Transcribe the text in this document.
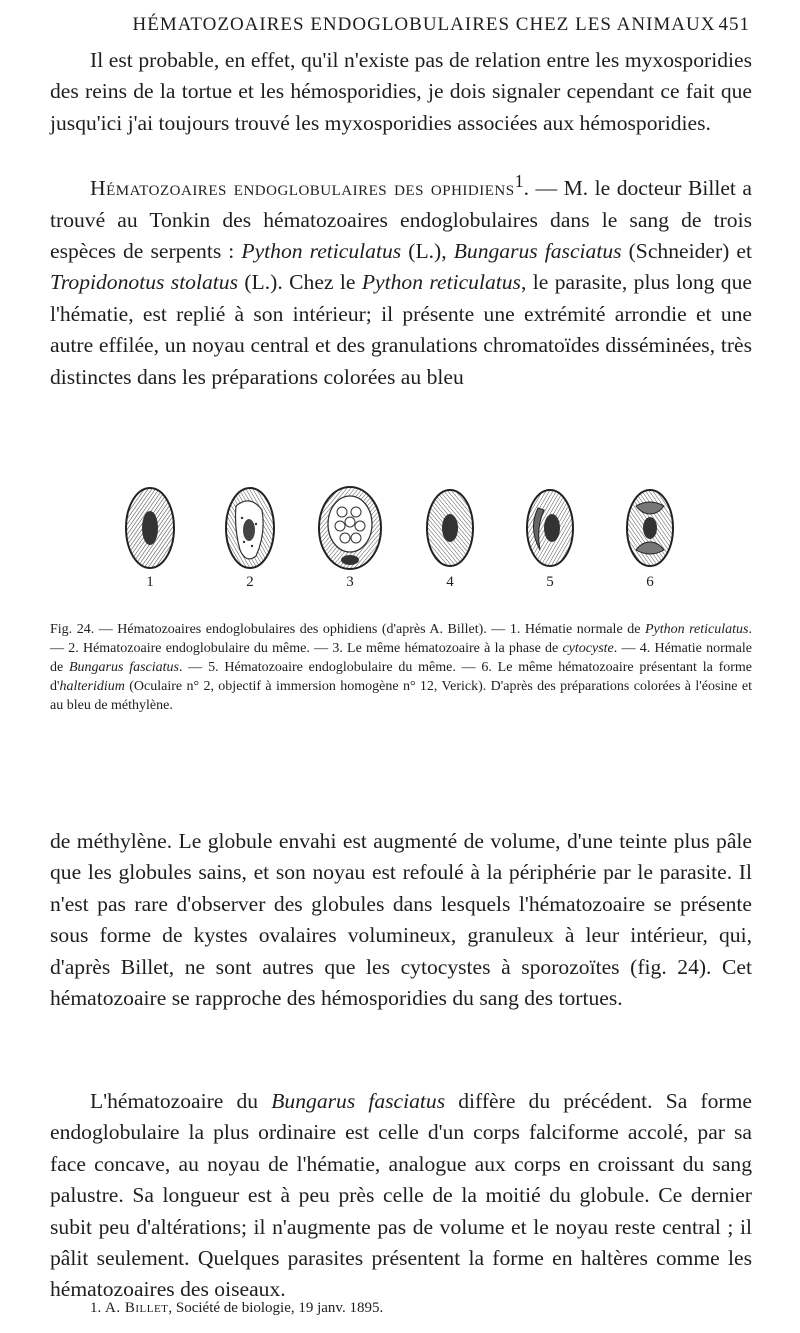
HÉMATOZOAIRES ENDOGLOBULAIRES CHEZ LES ANIMAUX 451

Il est probable, en effet, qu'il n'existe pas de relation entre les myxosporidies des reins de la tortue et les hémosporidies, je dois signaler cependant ce fait que jusqu'ici j'ai toujours trouvé les myxosporidies associées aux hémosporidies.

Hématozoaires endoglobulaires des ophidiens$^1$. — M. le docteur Billet a trouvé au Tonkin des hématozoaires endoglobulaires dans le sang de trois espèces de serpents : Python reticulatus (L.), Bungarus fasciatus (Schneider) et Tropidonotus stolatus (L.). Chez le Python reticulatus, le parasite, plus long que l'hématie, est replié à son intérieur; il présente une extrémité arrondie et une autre effilée, un noyau central et des granulations chromatoïdes disséminées, très distinctes dans les préparations colorées au bleu

1	2	3	4	5	6

Fig. 24. — Hématozoaires endoglobulaires des ophidiens (d'après A. Billet). — 1. Hématie normale de Python reticulatus. — 2. Hématozoaire endoglobulaire du même. — 3. Le même hématozoaire à la phase de cytocyste. — 4. Hématie normale de Bungarus fasciatus. — 5. Hématozoaire endoglobulaire du même. — 6. Le même hématozoaire présentant la forme d'halteridium (Oculaire n° 2, objectif à immersion homogène n° 12, Verick). D'après des préparations colorées à l'éosine et au bleu de méthylène.

de méthylène. Le globule envahi est augmenté de volume, d'une teinte plus pâle que les globules sains, et son noyau est refoulé à la périphérie par le parasite. Il n'est pas rare d'observer des globules dans lesquels l'hématozoaire se présente sous forme de kystes ovalaires volumineux, granuleux à leur intérieur, qui, d'après Billet, ne sont autres que les cytocystes à sporozoïtes (fig. 24). Cet hématozoaire se rapproche des hémosporidies du sang des tortues.

L'hématozoaire du Bungarus fasciatus diffère du précédent. Sa forme endoglobulaire la plus ordinaire est celle d'un corps falciforme accolé, par sa face concave, au noyau de l'hématie, analogue aux corps en croissant du sang palustre. Sa longueur est à peu près celle de la moitié du globule. Ce dernier subit peu d'altérations; il n'augmente pas de volume et le noyau reste central ; il pâlit seulement. Quelques parasites présentent la forme en haltères comme les hématozoaires des oiseaux.

1. A. Billet, Société de biologie, 19 janv. 1895.
